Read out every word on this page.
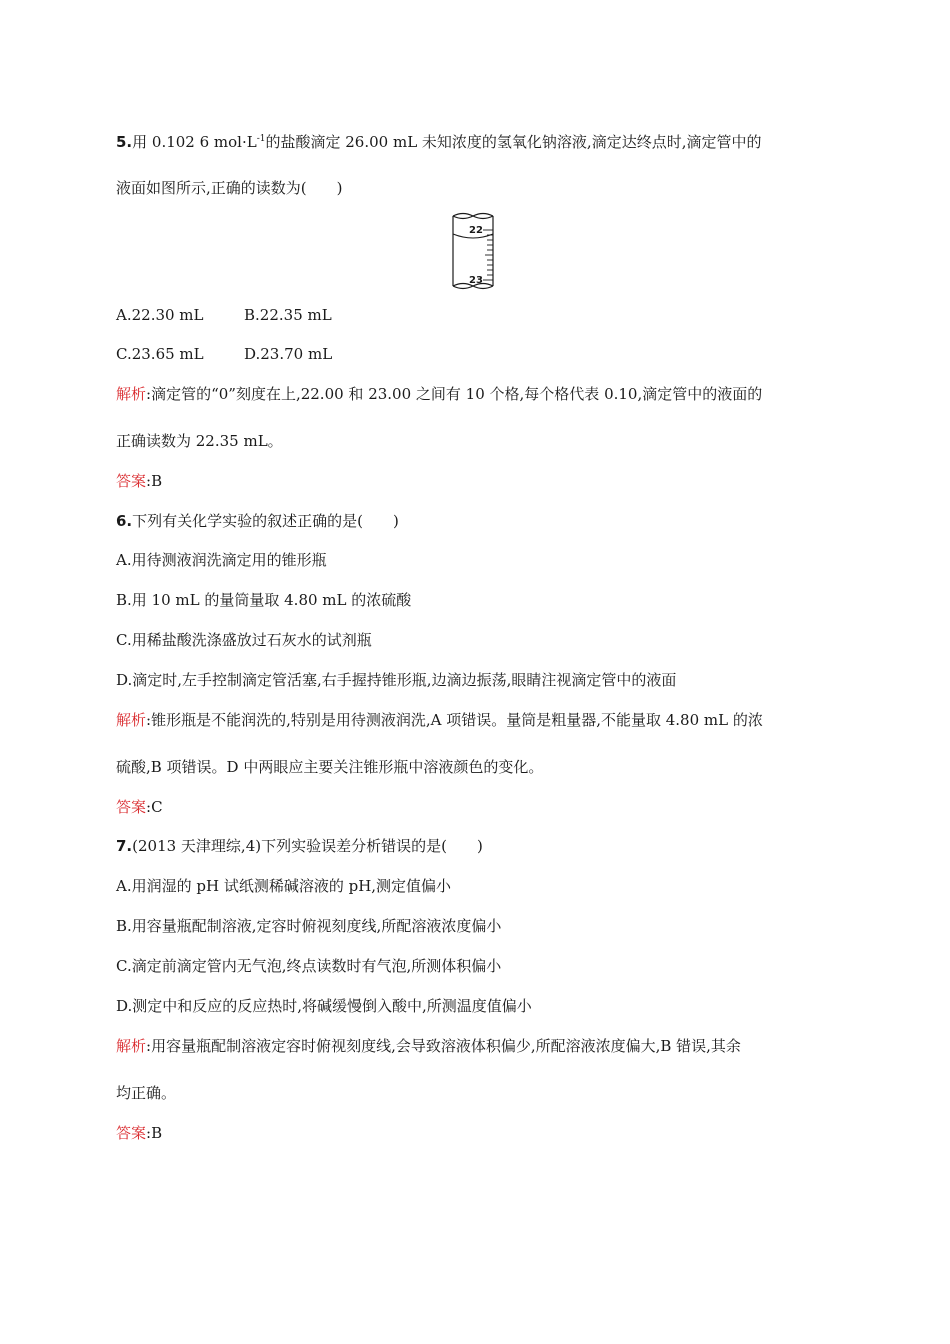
5.用 0.102 6 $mol\cdot L^{-1}$的盐酸滴定 26.00 mL 未知浓度的氢氧化钠溶液,滴定达终点时,滴定管中的
液面如图所示,正确的读数为(　　)
22
23
A.22.30 mL	B.22.35 mL
C.23.65 mL	D.23.70 mL
解析:滴定管的“0”刻度在上,22.00 和 23.00 之间有 10 个格,每个格代表 0.10,滴定管中的液面的
正确读数为 22.35 mL。
答案:B
6.下列有关化学实验的叙述正确的是(　　)
A.用待测液润洗滴定用的锥形瓶
B.用 10 mL 的量筒量取 4.80 mL 的浓硫酸
C.用稀盐酸洗涤盛放过石灰水的试剂瓶
D.滴定时,左手控制滴定管活塞,右手握持锥形瓶,边滴边振荡,眼睛注视滴定管中的液面
解析:锥形瓶是不能润洗的,特别是用待测液润洗,A 项错误。量筒是粗量器,不能量取 4.80 mL 的浓
硫酸,B 项错误。D 中两眼应主要关注锥形瓶中溶液颜色的变化。
答案:C
7.(2013 天津理综,4)下列实验误差分析错误的是(　　)
A.用润湿的 pH 试纸测稀碱溶液的 pH,测定值偏小
B.用容量瓶配制溶液,定容时俯视刻度线,所配溶液浓度偏小
C.滴定前滴定管内无气泡,终点读数时有气泡,所测体积偏小
D.测定中和反应的反应热时,将碱缓慢倒入酸中,所测温度值偏小
解析:用容量瓶配制溶液定容时俯视刻度线,会导致溶液体积偏少,所配溶液浓度偏大,B 错误,其余
均正确。
答案:B
